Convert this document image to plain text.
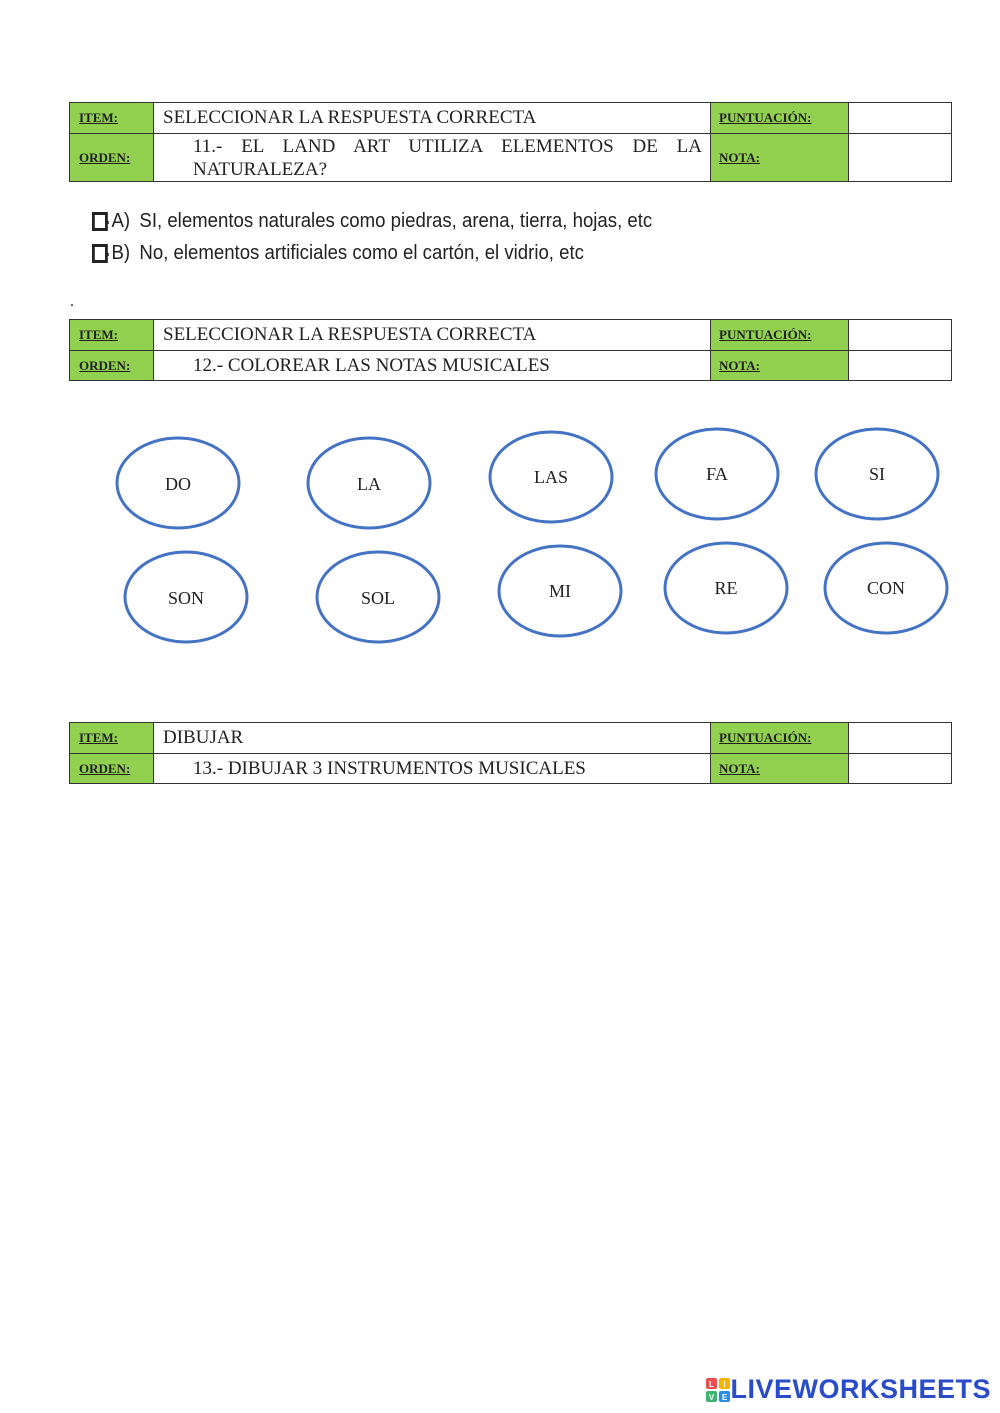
ITEM:	SELECCIONAR LA RESPUESTA CORRECTA	PUNTUACIÓN:	
ORDEN:	11.- EL LAND ART UTILIZA ELEMENTOS DE LA NATURALEZA?	NOTA:	
A) SI, elementos naturales como piedras, arena, tierra, hojas, etc
B) No, elementos artificiales como el cartón, el vidrio, etc
.
ITEM:	SELECCIONAR LA RESPUESTA CORRECTA	PUNTUACIÓN:	
ORDEN:	12.- COLOREAR LAS NOTAS MUSICALES	NOTA:	
DO	LA	LAS	FA	SI
SON	SOL	MI	RE	CON
ITEM:	DIBUJAR	PUNTUACIÓN:	
ORDEN:	13.- DIBUJAR 3 INSTRUMENTOS MUSICALES	NOTA:	
L I
V E LIVEWORKSHEETS
